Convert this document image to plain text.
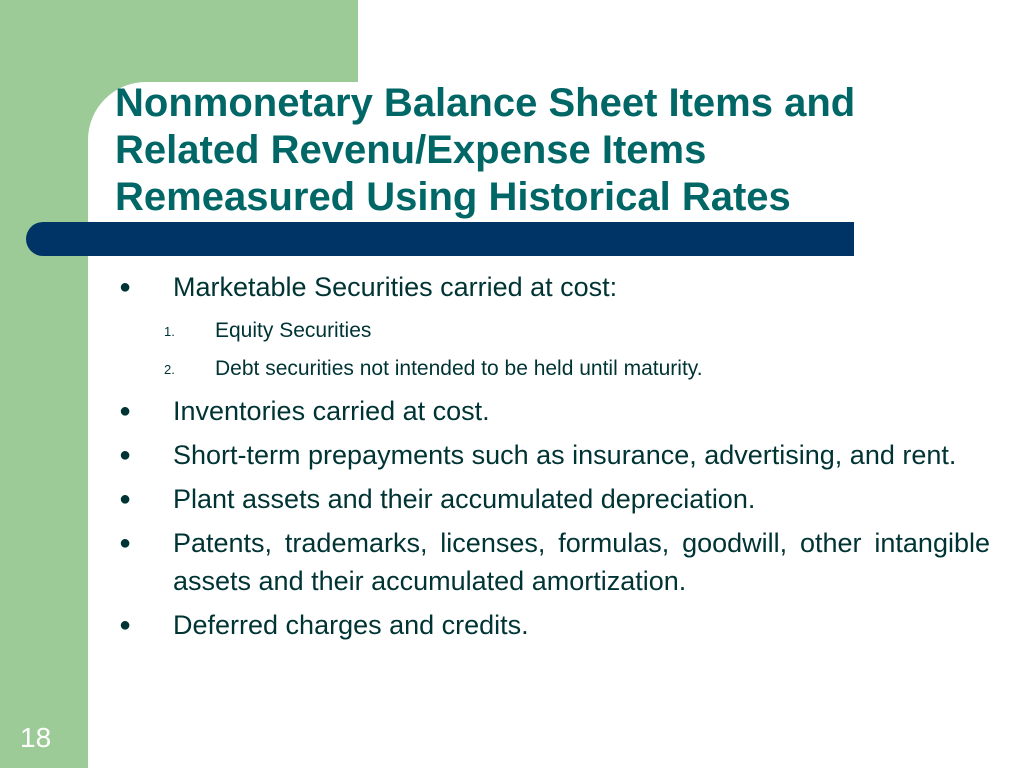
Nonmonetary Balance Sheet Items and
Related Revenu/Expense Items
Remeasured Using Historical Rates
● Marketable Securities carried at cost:
1. Equity Securities
2. Debt securities not intended to be held until maturity.
● Inventories carried at cost.
● Short-term prepayments such as insurance, advertising, and rent.
● Plant assets and their accumulated depreciation.
● Patents, trademarks, licenses, formulas, goodwill, other intangible assets and their accumulated amortization.
● Deferred charges and credits.
18
